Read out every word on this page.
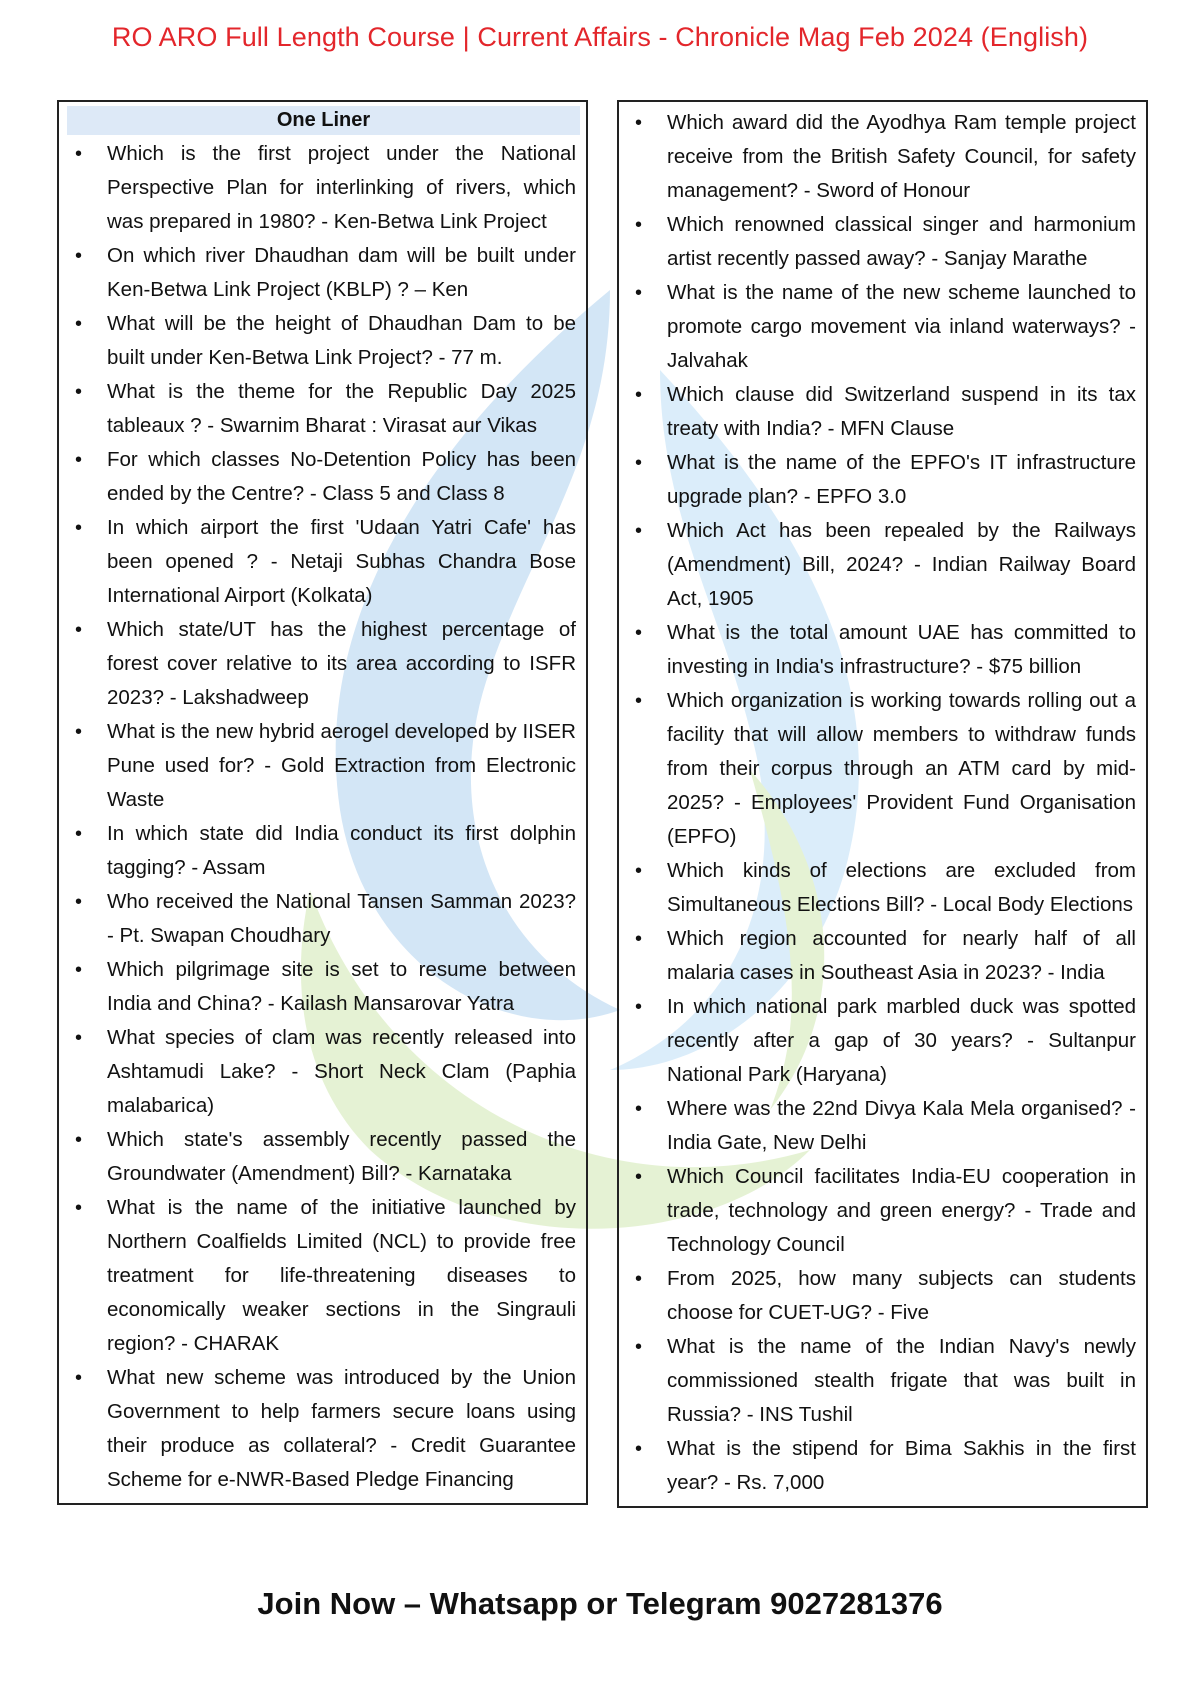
RO ARO Full Length Course | Current Affairs - Chronicle Mag Feb 2024 (English)
One Liner
• Which is the first project under the National Perspective Plan for interlinking of rivers, which was prepared in 1980? - Ken-Betwa Link Project
• On which river Dhaudhan dam will be built under Ken-Betwa Link Project (KBLP) ? – Ken
• What will be the height of Dhaudhan Dam to be built under Ken-Betwa Link Project? - 77 m.
• What is the theme for the Republic Day 2025 tableaux ? - Swarnim Bharat : Virasat aur Vikas
• For which classes No-Detention Policy has been ended by the Centre? - Class 5 and Class 8
• In which airport the first 'Udaan Yatri Cafe' has been opened ? - Netaji Subhas Chandra Bose International Airport (Kolkata)
• Which state/UT has the highest percentage of forest cover relative to its area according to ISFR 2023? - Lakshadweep
• What is the new hybrid aerogel developed by IISER Pune used for? - Gold Extraction from Electronic Waste
• In which state did India conduct its first dolphin tagging? - Assam
• Who received the National Tansen Samman 2023? - Pt. Swapan Choudhary
• Which pilgrimage site is set to resume between India and China? - Kailash Mansarovar Yatra
• What species of clam was recently released into Ashtamudi Lake? - Short Neck Clam (Paphia malabarica)
• Which state's assembly recently passed the Groundwater (Amendment) Bill? - Karnataka
• What is the name of the initiative launched by Northern Coalfields Limited (NCL) to provide free treatment for life-threatening diseases to economically weaker sections in the Singrauli region? - CHARAK
• What new scheme was introduced by the Union Government to help farmers secure loans using their produce as collateral? - Credit Guarantee Scheme for e-NWR-Based Pledge Financing
• Which award did the Ayodhya Ram temple project receive from the British Safety Council, for safety management? - Sword of Honour
• Which renowned classical singer and harmonium artist recently passed away? - Sanjay Marathe
• What is the name of the new scheme launched to promote cargo movement via inland waterways? - Jalvahak
• Which clause did Switzerland suspend in its tax treaty with India? - MFN Clause
• What is the name of the EPFO's IT infrastructure upgrade plan? - EPFO 3.0
• Which Act has been repealed by the Railways (Amendment) Bill, 2024? - Indian Railway Board Act, 1905
• What is the total amount UAE has committed to investing in India's infrastructure? - $75 billion
• Which organization is working towards rolling out a facility that will allow members to withdraw funds from their corpus through an ATM card by mid-2025? - Employees' Provident Fund Organisation (EPFO)
• Which kinds of elections are excluded from Simultaneous Elections Bill? - Local Body Elections
• Which region accounted for nearly half of all malaria cases in Southeast Asia in 2023? - India
• In which national park marbled duck was spotted recently after a gap of 30 years? - Sultanpur National Park (Haryana)
• Where was the 22nd Divya Kala Mela organised? - India Gate, New Delhi
• Which Council facilitates India-EU cooperation in trade, technology and green energy? - Trade and Technology Council
• From 2025, how many subjects can students choose for CUET-UG? - Five
• What is the name of the Indian Navy's newly commissioned stealth frigate that was built in Russia? - INS Tushil
• What is the stipend for Bima Sakhis in the first year? - Rs. 7,000
Join Now – Whatsapp or Telegram 9027281376
